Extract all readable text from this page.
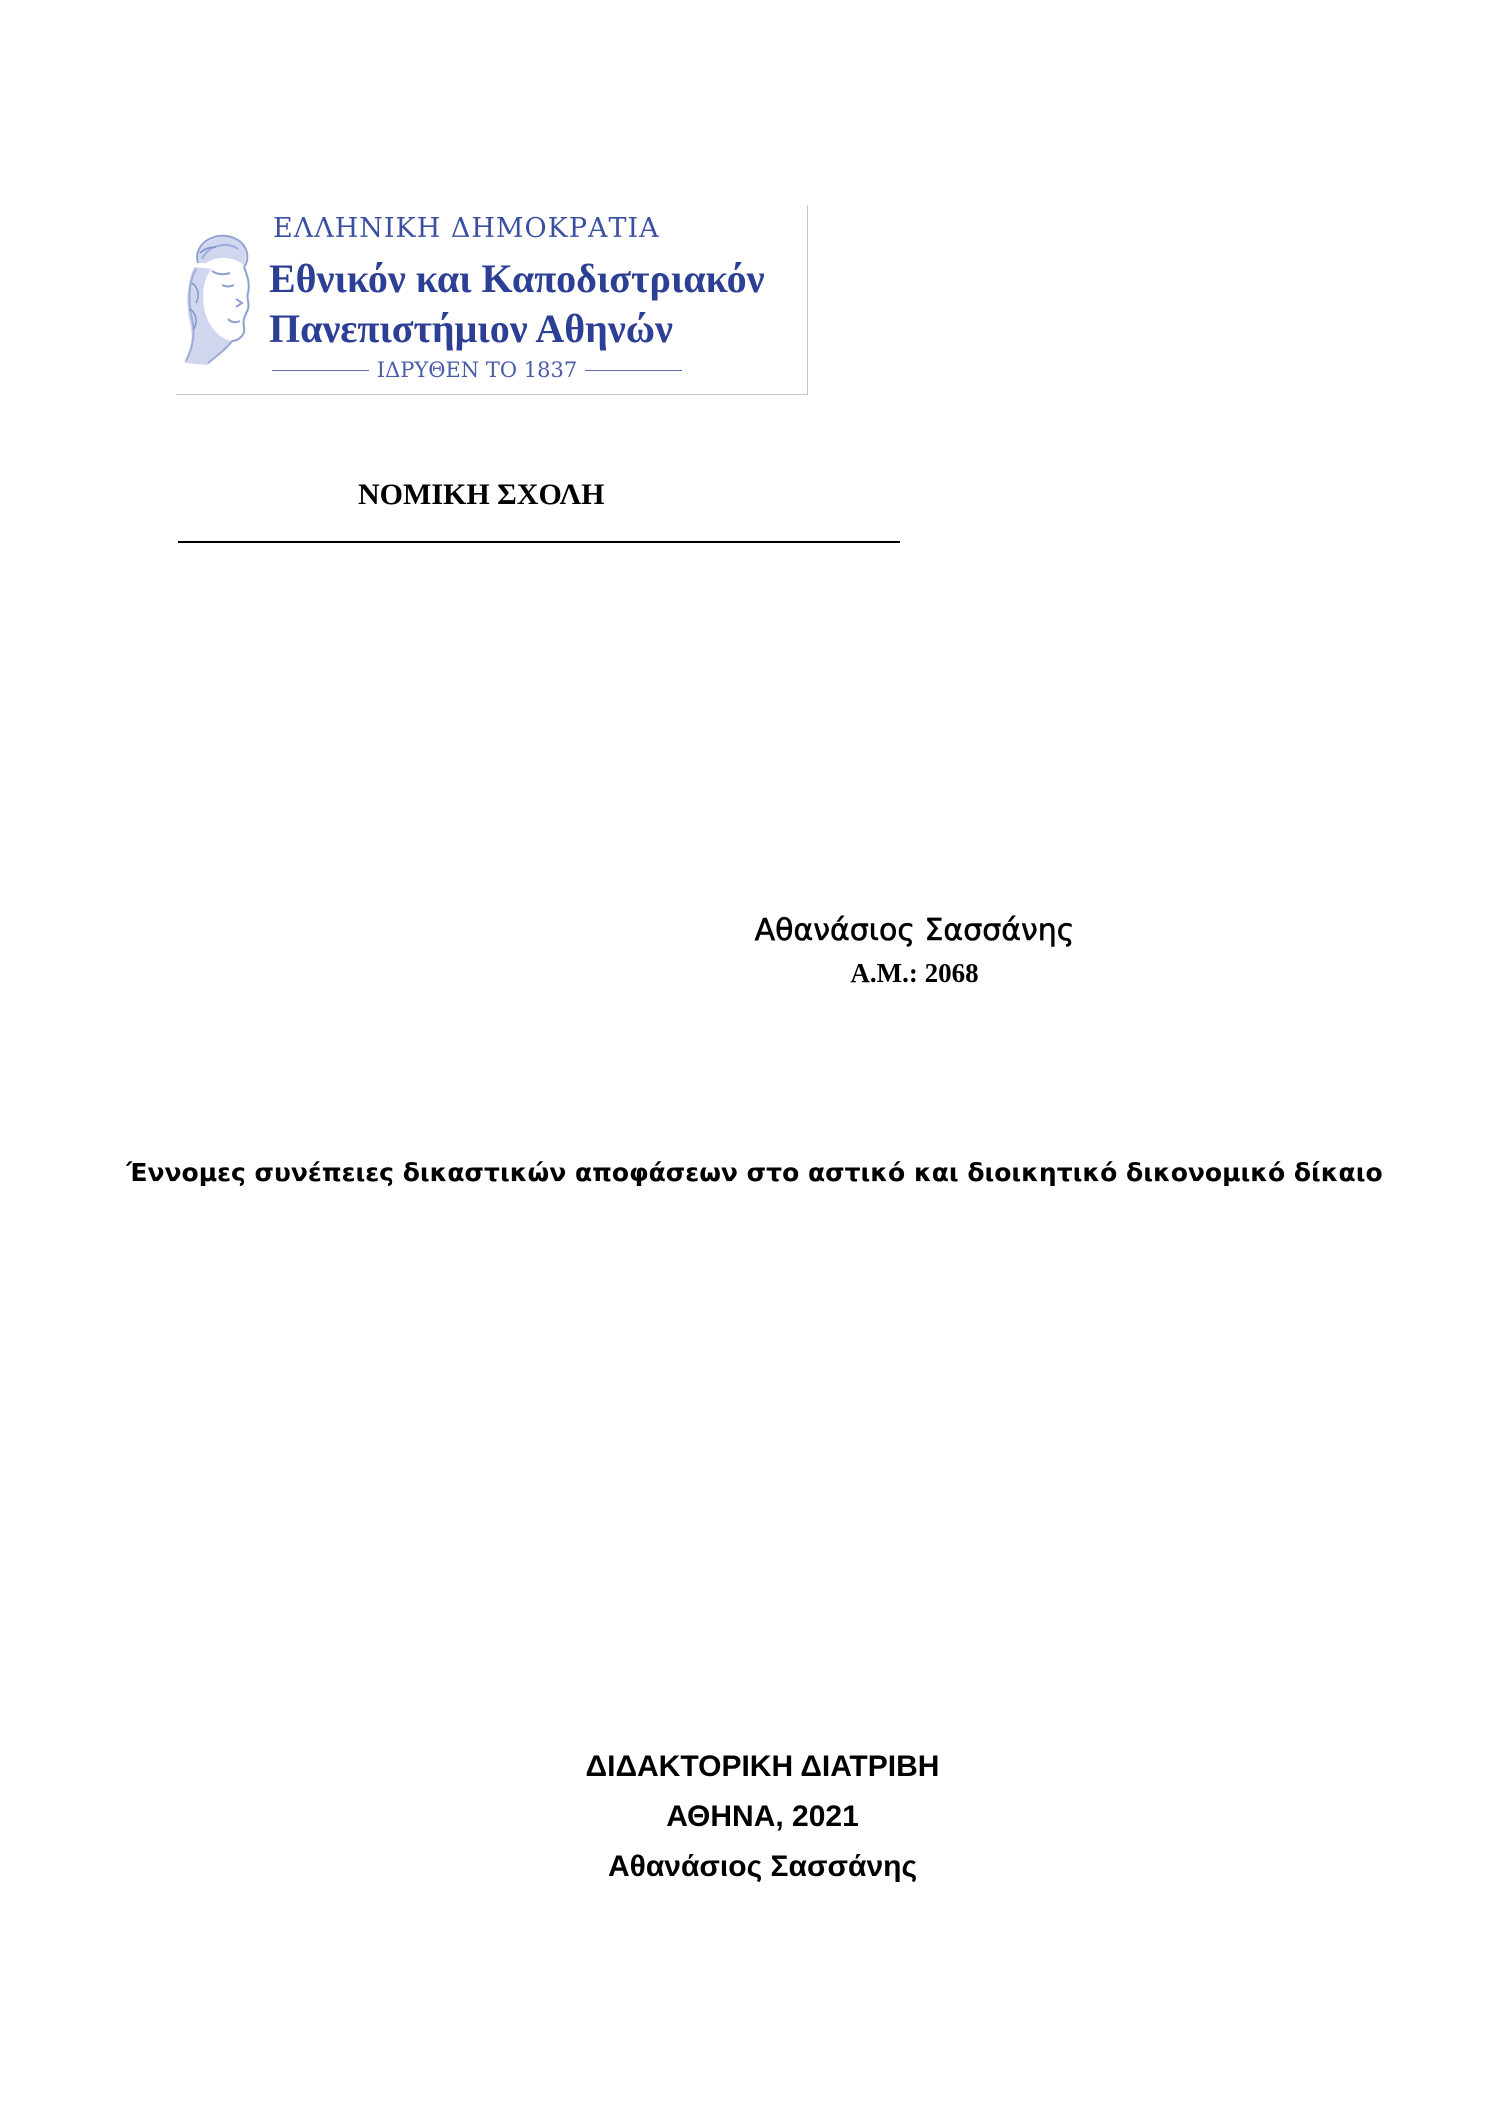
ΕΛΛΗΝΙΚΗ ΔΗΜΟΚΡΑΤΙΑ
Εθνικόν και Καποδιστριακόν
Πανεπιστήμιον Αθηνών
ΙΔΡΥΘΕΝ ΤΟ 1837
ΝΟΜΙΚΗ ΣΧΟΛΗ
Αθανάσιος Σασσάνης
Α.Μ.: 2068
Έννομες συνέπειες δικαστικών αποφάσεων στο αστικό και διοικητικό δικονομικό δίκαιο
ΔΙΔΑΚΤΟΡΙΚΗ ΔΙΑΤΡΙΒΗ
ΑΘΗΝΑ, 2021
Αθανάσιος Σασσάνης
